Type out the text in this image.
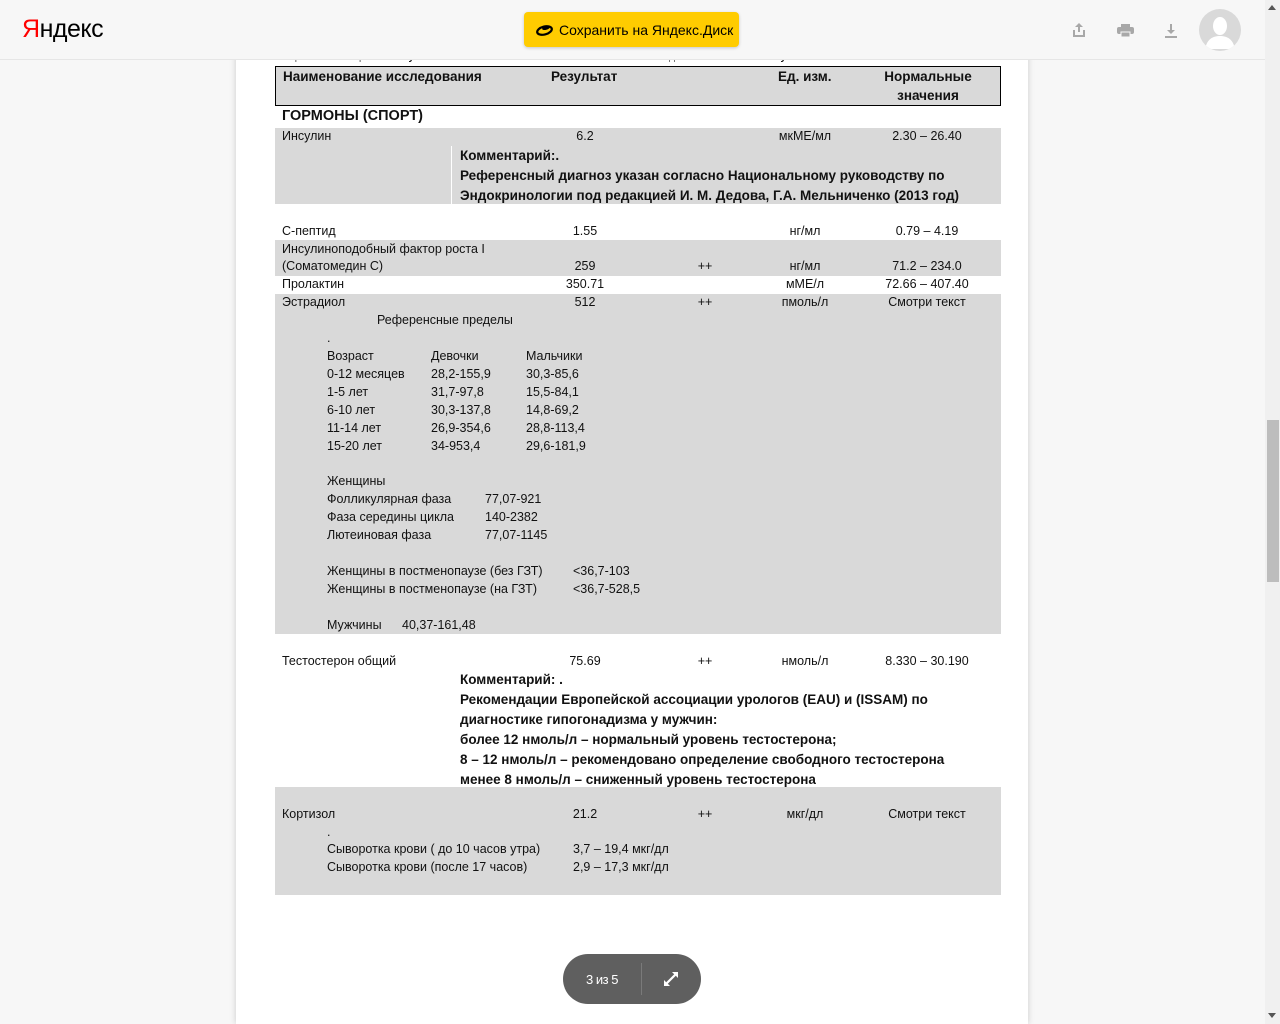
Яндекс	Сохранить на Яндекс.Диск
Наименование исследования	Результат	Ед. изм.	Нормальные
значения
ГОРМОНЫ (СПОРТ)
Инсулин	6.2	мкМЕ/мл	2.30 – 26.40
Комментарий:.
Референсный диагноз указан согласно Национальному руководству по
Эндокринологии под редакцией И. М. Дедова, Г.А. Мельниченко (2013 год)
С-пептид	1.55	нг/мл	0.79 – 4.19
Инсулиноподобный фактор роста I
(Соматомедин С)	259	++	нг/мл	71.2 – 234.0
Пролактин	350.71	мМЕ/л	72.66 – 407.40
Эстрадиол	512	++	пмоль/л	Смотри текст
Референсные пределы
.
Возраст	Девочки	Мальчики
0-12 месяцев 28,2-155,9	30,3-85,6
1-5 лет	31,7-97,8	15,5-84,1
6-10 лет	30,3-137,8	14,8-69,2
11-14 лет	26,9-354,6	28,8-113,4
15-20 лет	34-953,4	29,6-181,9
Женщины
Фолликулярная фаза	77,07-921
Фаза середины цикла 140-2382
Лютеиновая фаза	77,07-1145
Женщины в постменопаузе (без ГЗТ) <36,7-103
Женщины в постменопаузе (на ГЗТ)	<36,7-528,5
Мужчины 40,37-161,48
Тестостерон общий	75.69	++	нмоль/л	8.330 – 30.190
Комментарий: .
Рекомендации Европейской ассоциации урологов (EAU) и (ISSAM) по
диагностике гипогонадизма у мужчин:
более 12 нмоль/л – нормальный уровень тестостерона;
8 – 12 нмоль/л – рекомендовано определение свободного тестостерона
менее 8 нмоль/л – сниженный уровень тестостерона
Кортизол	21.2	++	мкг/дл	Смотри текст
.
Сыворотка крови ( до 10 часов утра)	3,7 – 19,4 мкг/дл
Сыворотка крови (после 17 часов)	2,9 – 17,3 мкг/дл
3 из 5
